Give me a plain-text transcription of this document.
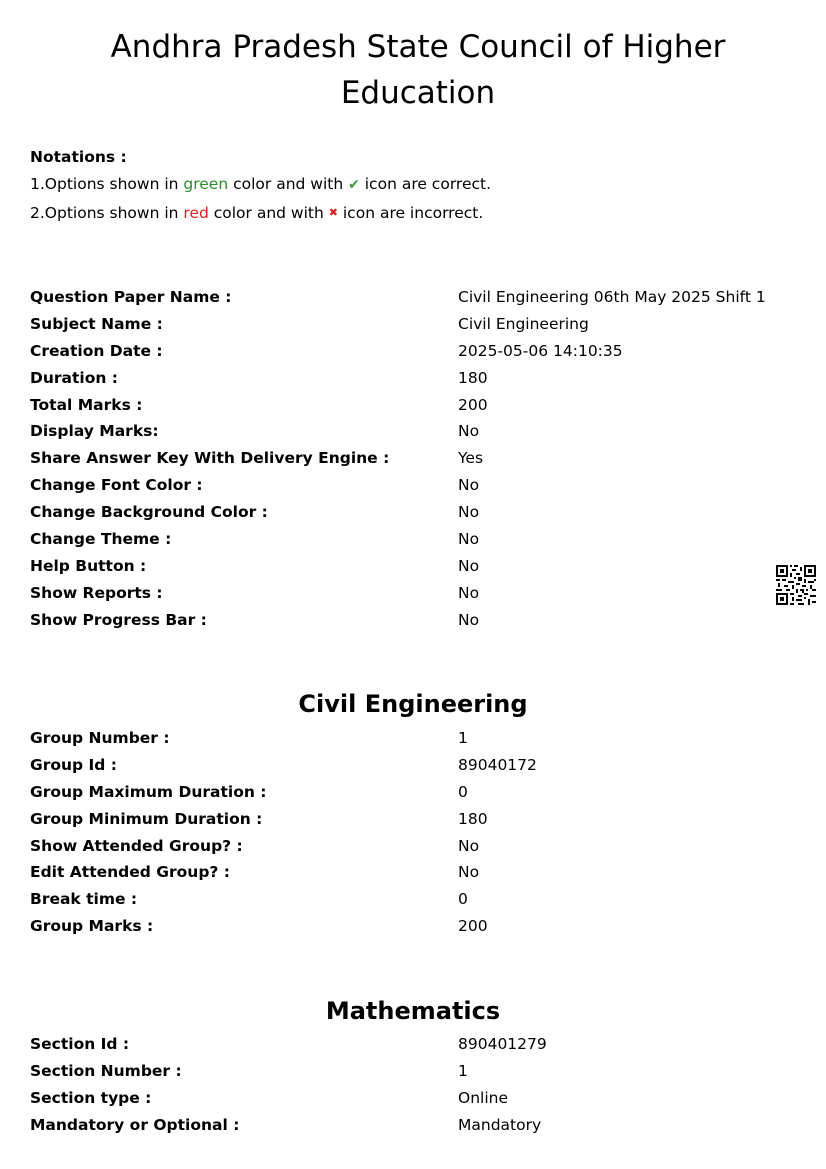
Andhra Pradesh State Council of Higher Education
Notations :
1.Options shown in green color and with ✔ icon are correct.
2.Options shown in red color and with ✖ icon are incorrect.
Question Paper Name :	Civil Engineering 06th May 2025 Shift 1
Subject Name :	Civil Engineering
Creation Date :	2025-05-06 14:10:35
Duration :	180
Total Marks :	200
Display Marks:	No
Share Answer Key With Delivery Engine :	Yes
Change Font Color :	No
Change Background Color :	No
Change Theme :	No
Help Button :	No
Show Reports :	No
Show Progress Bar :	No
Civil Engineering
Group Number :	1
Group Id :	89040172
Group Maximum Duration :	0
Group Minimum Duration :	180
Show Attended Group? :	No
Edit Attended Group? :	No
Break time :	0
Group Marks :	200
Mathematics
Section Id :	890401279
Section Number :	1
Section type :	Online
Mandatory or Optional :	Mandatory
